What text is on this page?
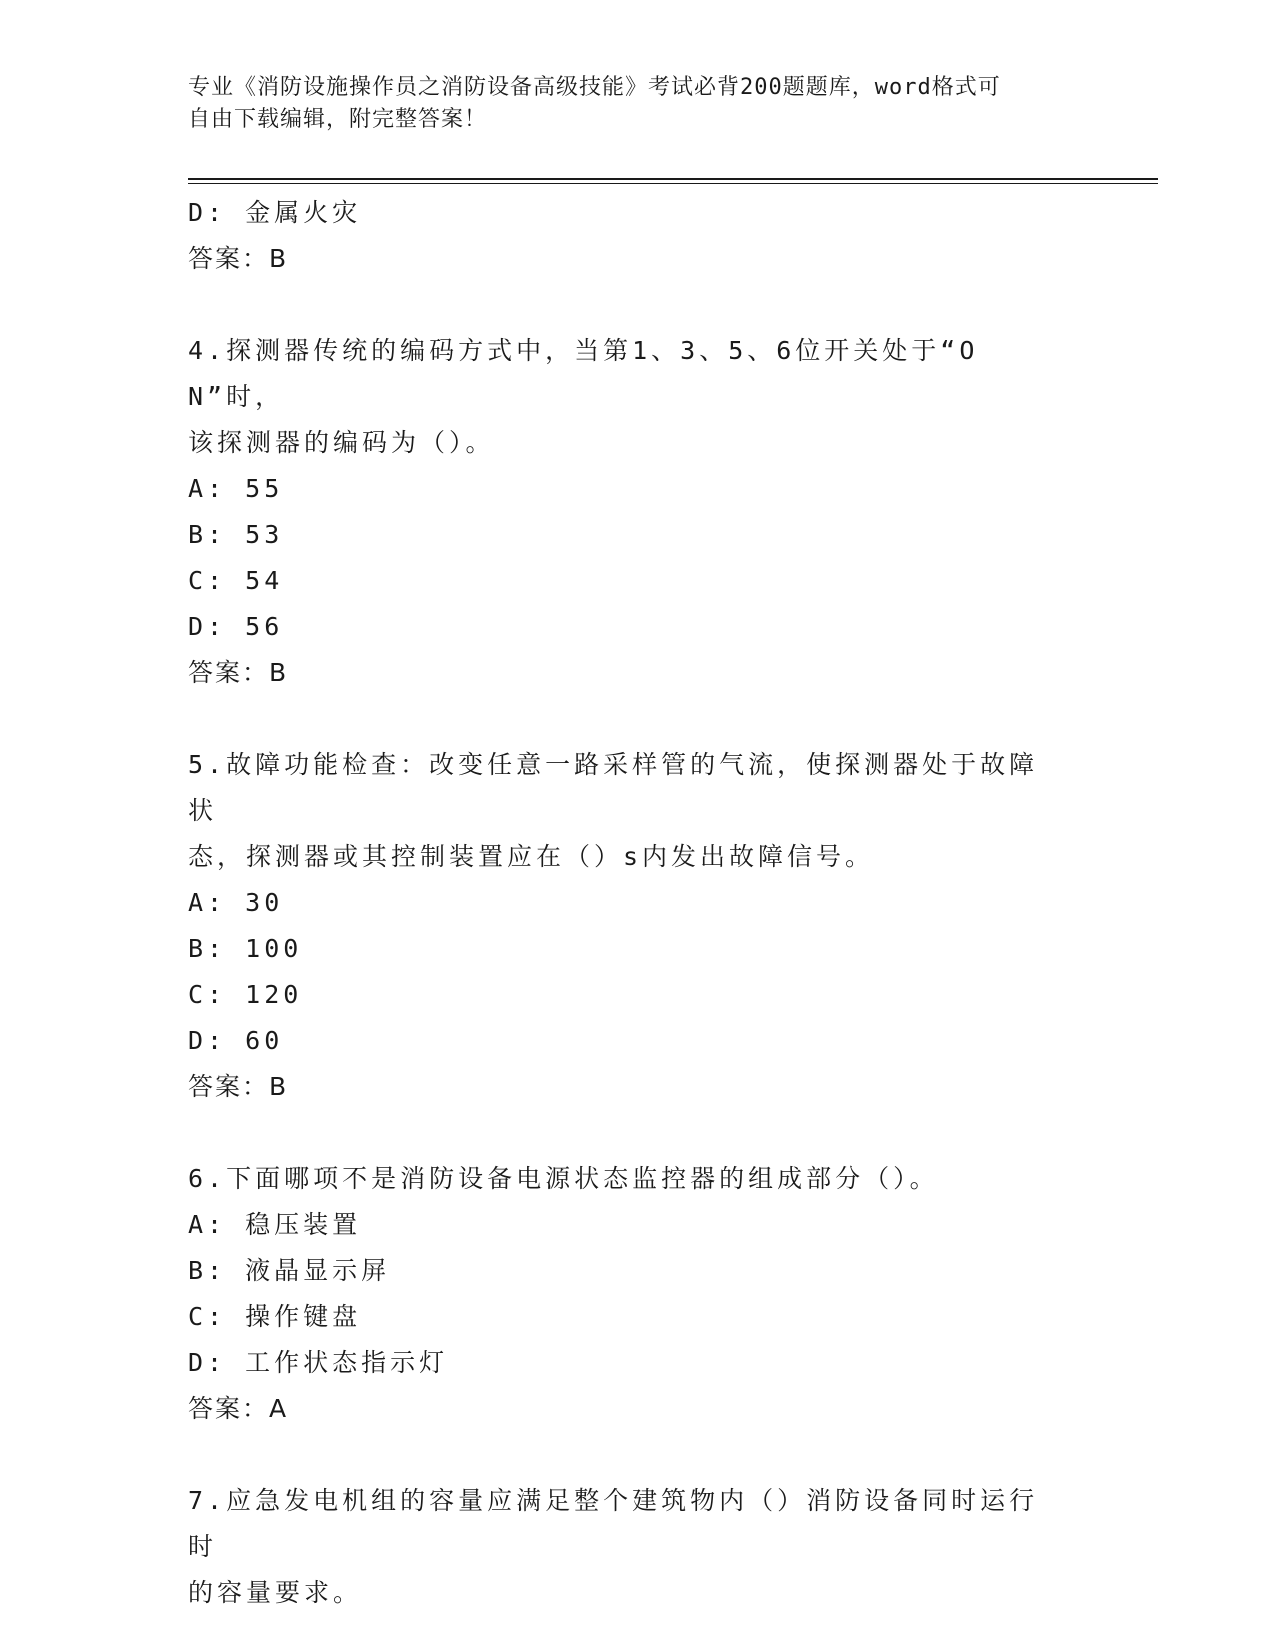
专业《消防设施操作员之消防设备高级技能》考试必背200题题库，word格式可
自由下载编辑，附完整答案！
D: 金属火灾
答案：B
4.探测器传统的编码方式中，当第1、3、5、6位开关处于“ON”时，
该探测器的编码为（）。
A: 55
B: 53
C: 54
D: 56
答案：B
5.故障功能检查：改变任意一路采样管的气流，使探测器处于故障状
态，探测器或其控制装置应在（）s内发出故障信号。
A: 30
B: 100
C: 120
D: 60
答案：B
6.下面哪项不是消防设备电源状态监控器的组成部分（）。
A: 稳压装置
B: 液晶显示屏
C: 操作键盘
D: 工作状态指示灯
答案：A
7.应急发电机组的容量应满足整个建筑物内（）消防设备同时运行时
的容量要求。
